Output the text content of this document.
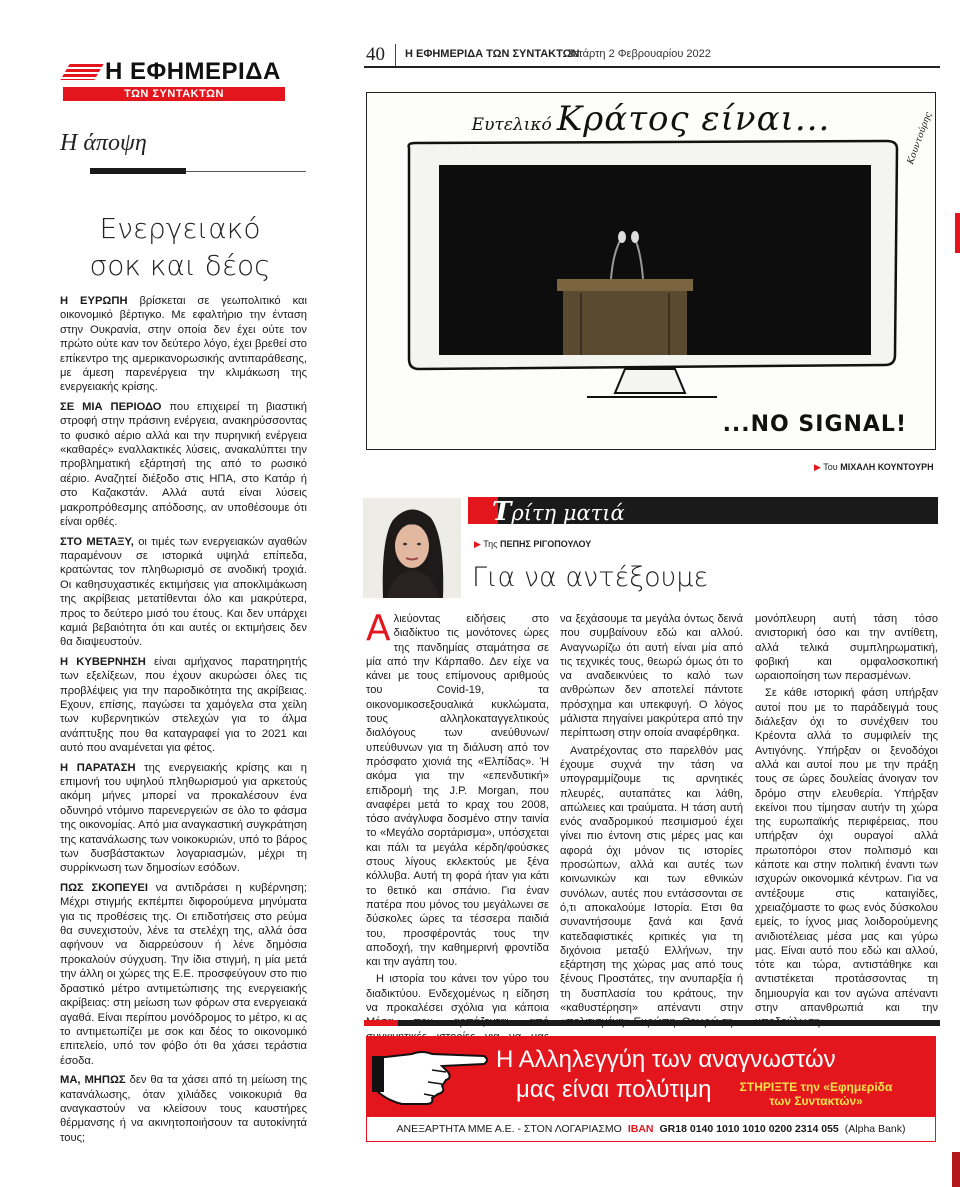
Η ΕΦΗΜΕΡΙΔΑ
ΤΩΝ ΣΥΝΤΑΚΤΩΝ
Η άποψη
Ενεργειακό
σοκ και δέος

Η ΕΥΡΩΠΗ βρίσκεται σε γεωπολιτικό και οικονομικό βέρτιγκο. Με εφαλτήριο την ένταση στην Ουκρανία, στην οποία δεν έχει ούτε τον πρώτο ούτε καν τον δεύτερο λόγο, έχει βρεθεί στο επίκεντρο της αμερικανορωσικής αντιπαράθεσης, με άμεση παρενέργεια την κλιμάκωση της ενεργειακής κρίσης.

ΣΕ ΜΙΑ ΠΕΡΙΟΔΟ που επιχειρεί τη βιαστική στροφή στην πράσινη ενέργεια, ανακηρύσσοντας το φυσικό αέριο αλλά και την πυρηνική ενέργεια «καθαρές» εναλλακτικές λύσεις, ανακαλύπτει την προβληματική εξάρτησή της από το ρωσικό αέριο. Αναζητεί διέξοδο στις ΗΠΑ, στο Κατάρ ή στο Καζακστάν. Αλλά αυτά είναι λύσεις μακροπρόθεσμης απόδοσης, αν υποθέσουμε ότι είναι ορθές.

ΣΤΟ ΜΕΤΑΞΥ, οι τιμές των ενεργειακών αγαθών παραμένουν σε ιστορικά υψηλά επίπεδα, κρατώντας τον πληθωρισμό σε ανοδική τροχιά. Οι καθησυχαστικές εκτιμήσεις για αποκλιμάκωση της ακρίβειας μετατίθενται όλο και μακρύτερα, προς το δεύτερο μισό του έτους. Και δεν υπάρχει καμιά βεβαιότητα ότι και αυτές οι εκτιμήσεις δεν θα διαψευστούν.

Η ΚΥΒΕΡΝΗΣΗ είναι αμήχανος παρατηρητής των εξελίξεων, που έχουν ακυρώσει όλες τις προβλέψεις για την παροδικότητα της ακρίβειας. Εχουν, επίσης, παγώσει τα χαμόγελα στα χείλη των κυβερνητικών στελεχών για το άλμα ανάπτυξης που θα καταγραφεί για το 2021 και αυτό που αναμένεται για φέτος.

Η ΠΑΡΑΤΑΣΗ της ενεργειακής κρίσης και η επιμονή του υψηλού πληθωρισμού για αρκετούς ακόμη μήνες μπορεί να προκαλέσουν ένα οδυνηρό ντόμινο παρενεργειών σε όλο το φάσμα της οικονομίας. Από μια αναγκαστική συγκράτηση της κατανάλωσης των νοικοκυριών, υπό το βάρος των δυσβάστακτων λογαριασμών, μέχρι τη συρρίκνωση των δημοσίων εσόδων.

ΠΩΣ ΣΚΟΠΕΥΕΙ να αντιδράσει η κυβέρνηση; Μέχρι στιγμής εκπέμπει διφορούμενα μηνύματα για τις προθέσεις της. Οι επιδοτήσεις στο ρεύμα θα συνεχιστούν, λένε τα στελέχη της, αλλά όσα αφήνουν να διαρρεύσουν ή λένε δημόσια προκαλούν σύγχυση. Την ίδια στιγμή, η μία μετά την άλλη οι χώρες της Ε.Ε. προσφεύγουν στο πιο δραστικό μέτρο αντιμετώπισης της ενεργειακής ακρίβειας: στη μείωση των φόρων στα ενεργειακά αγαθά. Είναι περίπου μονόδρομος το μέτρο, κι ας το αντιμετωπίζει με σοκ και δέος το οικονομικό επιτελείο, υπό τον φόβο ότι θα χάσει τεράστια έσοδα.

ΜΑ, ΜΗΠΩΣ δεν θα τα χάσει από τη μείωση της κατανάλωσης, όταν χιλιάδες νοικοκυριά θα αναγκαστούν να κλείσουν τους καυστήρες θέρμανσης ή να ακινητοποιήσουν τα αυτοκίνητά τους;

40 Η ΕΦΗΜΕΡΙΔΑ ΤΩΝ ΣΥΝΤΑΚΤΩΝ
Τετάρτη 2 Φεβρουαρίου 2022
Ευτελικό Κράτος είναι...	Κουντούρης
...NO SIGNAL!
▶ Του ΜΙΧΑΛΗ ΚΟΥΝΤΟΥΡΗ
Τρίτη ματιά
▶ Της ΠΕΠΗΣ ΡΙΓΟΠΟΥΛΟΥ
Για να αντέξουμε

Αλιεύοντας ειδήσεις στο διαδίκτυο τις μονότονες ώρες της πανδημίας σταμάτησα σε μία από την Κάρπαθο. Δεν είχε να κάνει με τους επίμονους αριθμούς του Covid-19, τα οικονομικοσεξουαλικά κυκλώματα, τους αλληλοκαταγγελτικούς διαλόγους των ανεύθυνων/υπεύθυνων για τη διάλυση από τον πρόσφατο χιονιά της «Ελπίδας». Ή ακόμα για την «επενδυτική» επιδρομή της J.P. Morgan, που αναφέρει μετά το κραχ του 2008, τόσο ανάγλυφα δοσμένο στην ταινία το «Μεγάλο σορτάρισμα», υπόσχεται και πάλι τα μεγάλα κέρδη/φούσκες στους λίγους εκλεκτούς με ξένα κόλλυβα. Αυτή τη φορά ήταν για κάτι το θετικό και σπάνιο. Για έναν πατέρα που μόνος του μεγάλωνει σε δύσκολες ώρες τα τέσσερα παιδιά του, προσφέροντάς τους την αποδοχή, την καθημερινή φροντίδα και την αγάπη του.

Η ιστορία του κάνει τον γύρο του διαδικτύου. Ενδεχομένως η είδηση να προκαλέσει σχόλια για κάποια

να ξεχάσουμε τα μεγάλα όντως δεινά που συμβαίνουν εδώ και αλλού. Αναγνωρίζω ότι αυτή είναι μία από τις τεχνικές τους, θεωρώ όμως ότι το να αναδεικνύεις το καλό των ανθρώπων δεν αποτελεί πάντοτε πρόσχημα και υπεκφυγή. Ο λόγος μάλιστα πηγαίνει μακρύτερα από την περίπτωση στην οποία αναφέρθηκα.

Ανατρέχοντας στο παρελθόν μας έχουμε συχνά την τάση να υπογραμμίζουμε τις αρνητικές πλευρές, αυταπάτες και λάθη, απώλειες και τραύματα. Η τάση αυτή ενός αναδρομικού πεσιμισμού έχει γίνει πιο έντονη στις μέρες μας και αφορά όχι μόνον τις ιστορίες προσώπων, αλλά και αυτές των κοινωνικών και των εθνικών συνόλων, αυτές που εντάσσονται σε ό,τι αποκαλούμε Ιστορία. Ετσι θα συναντήσουμε ξανά και ξανά κατεδαφιστικές κριτικές για τη διχόνοια μεταξύ Ελλήνων, την εξάρτηση της χώρας μας από τους ξένους Προστάτες, την ανυπαρξία ή τη δυσπλασία του κράτους, την «καθυστέρηση» απέναντι στην

μονόπλευρη αυτή τάση τόσο ανιστορική όσο και την αντίθετη, αλλά τελικά συμπληρωματική, φοβική και ομφαλοσκοπική ωραιοποίηση των περασμένων.

Σε κάθε ιστορική φάση υπήρξαν αυτοί που με το παράδειγμά τους διάλεξαν όχι το συνέχθειν του Κρέοντα αλλά το συμφιλείν της Αντιγόνης. Υπήρξαν οι ξενοδόχοι αλλά και αυτοί που με την πράξη τους σε ώρες δουλείας άνοιγαν τον δρόμο στην ελευθερία. Υπήρξαν εκείνοι που τίμησαν αυτήν τη χώρα της ευρωπαϊκής περιφέρειας, που υπήρξαν όχι ουραγοί αλλά πρωτοπόροι στον πολιτισμό και κάποτε και στην πολιτική έναντι των ισχυρών οικονομικά κέντρων. Για να αντέξουμε στις καταιγίδες, χρειαζόμαστε το φως ενός δύσκολου εμείς, το ίχνος μιας λοιδορούμενης ανιδιοτέλειας μέσα μας και γύρω μας. Είναι αυτό που εδώ και αλλού, τότε και τώρα, αντιστάθηκε και αντιστέκεται προτάσσοντας τη δημιουργία και τον αγώνα απέναντι στην απανθρωπιά και την

Η Αλληλεγγύη των αναγνωστών
μας είναι πολύτιμη	ΣΤΗΡΙΞΤΕ την «Εφημερίδα
των Συντακτών»
ΑΝΕΞΑΡΤΗΤΑ ΜΜΕ Α.Ε. - ΣΤΟΝ ΛΟΓΑΡΙΑΣΜΟ IBAN GR18 0140 1010 1010 0200 2314 055 (Alpha Bank)
